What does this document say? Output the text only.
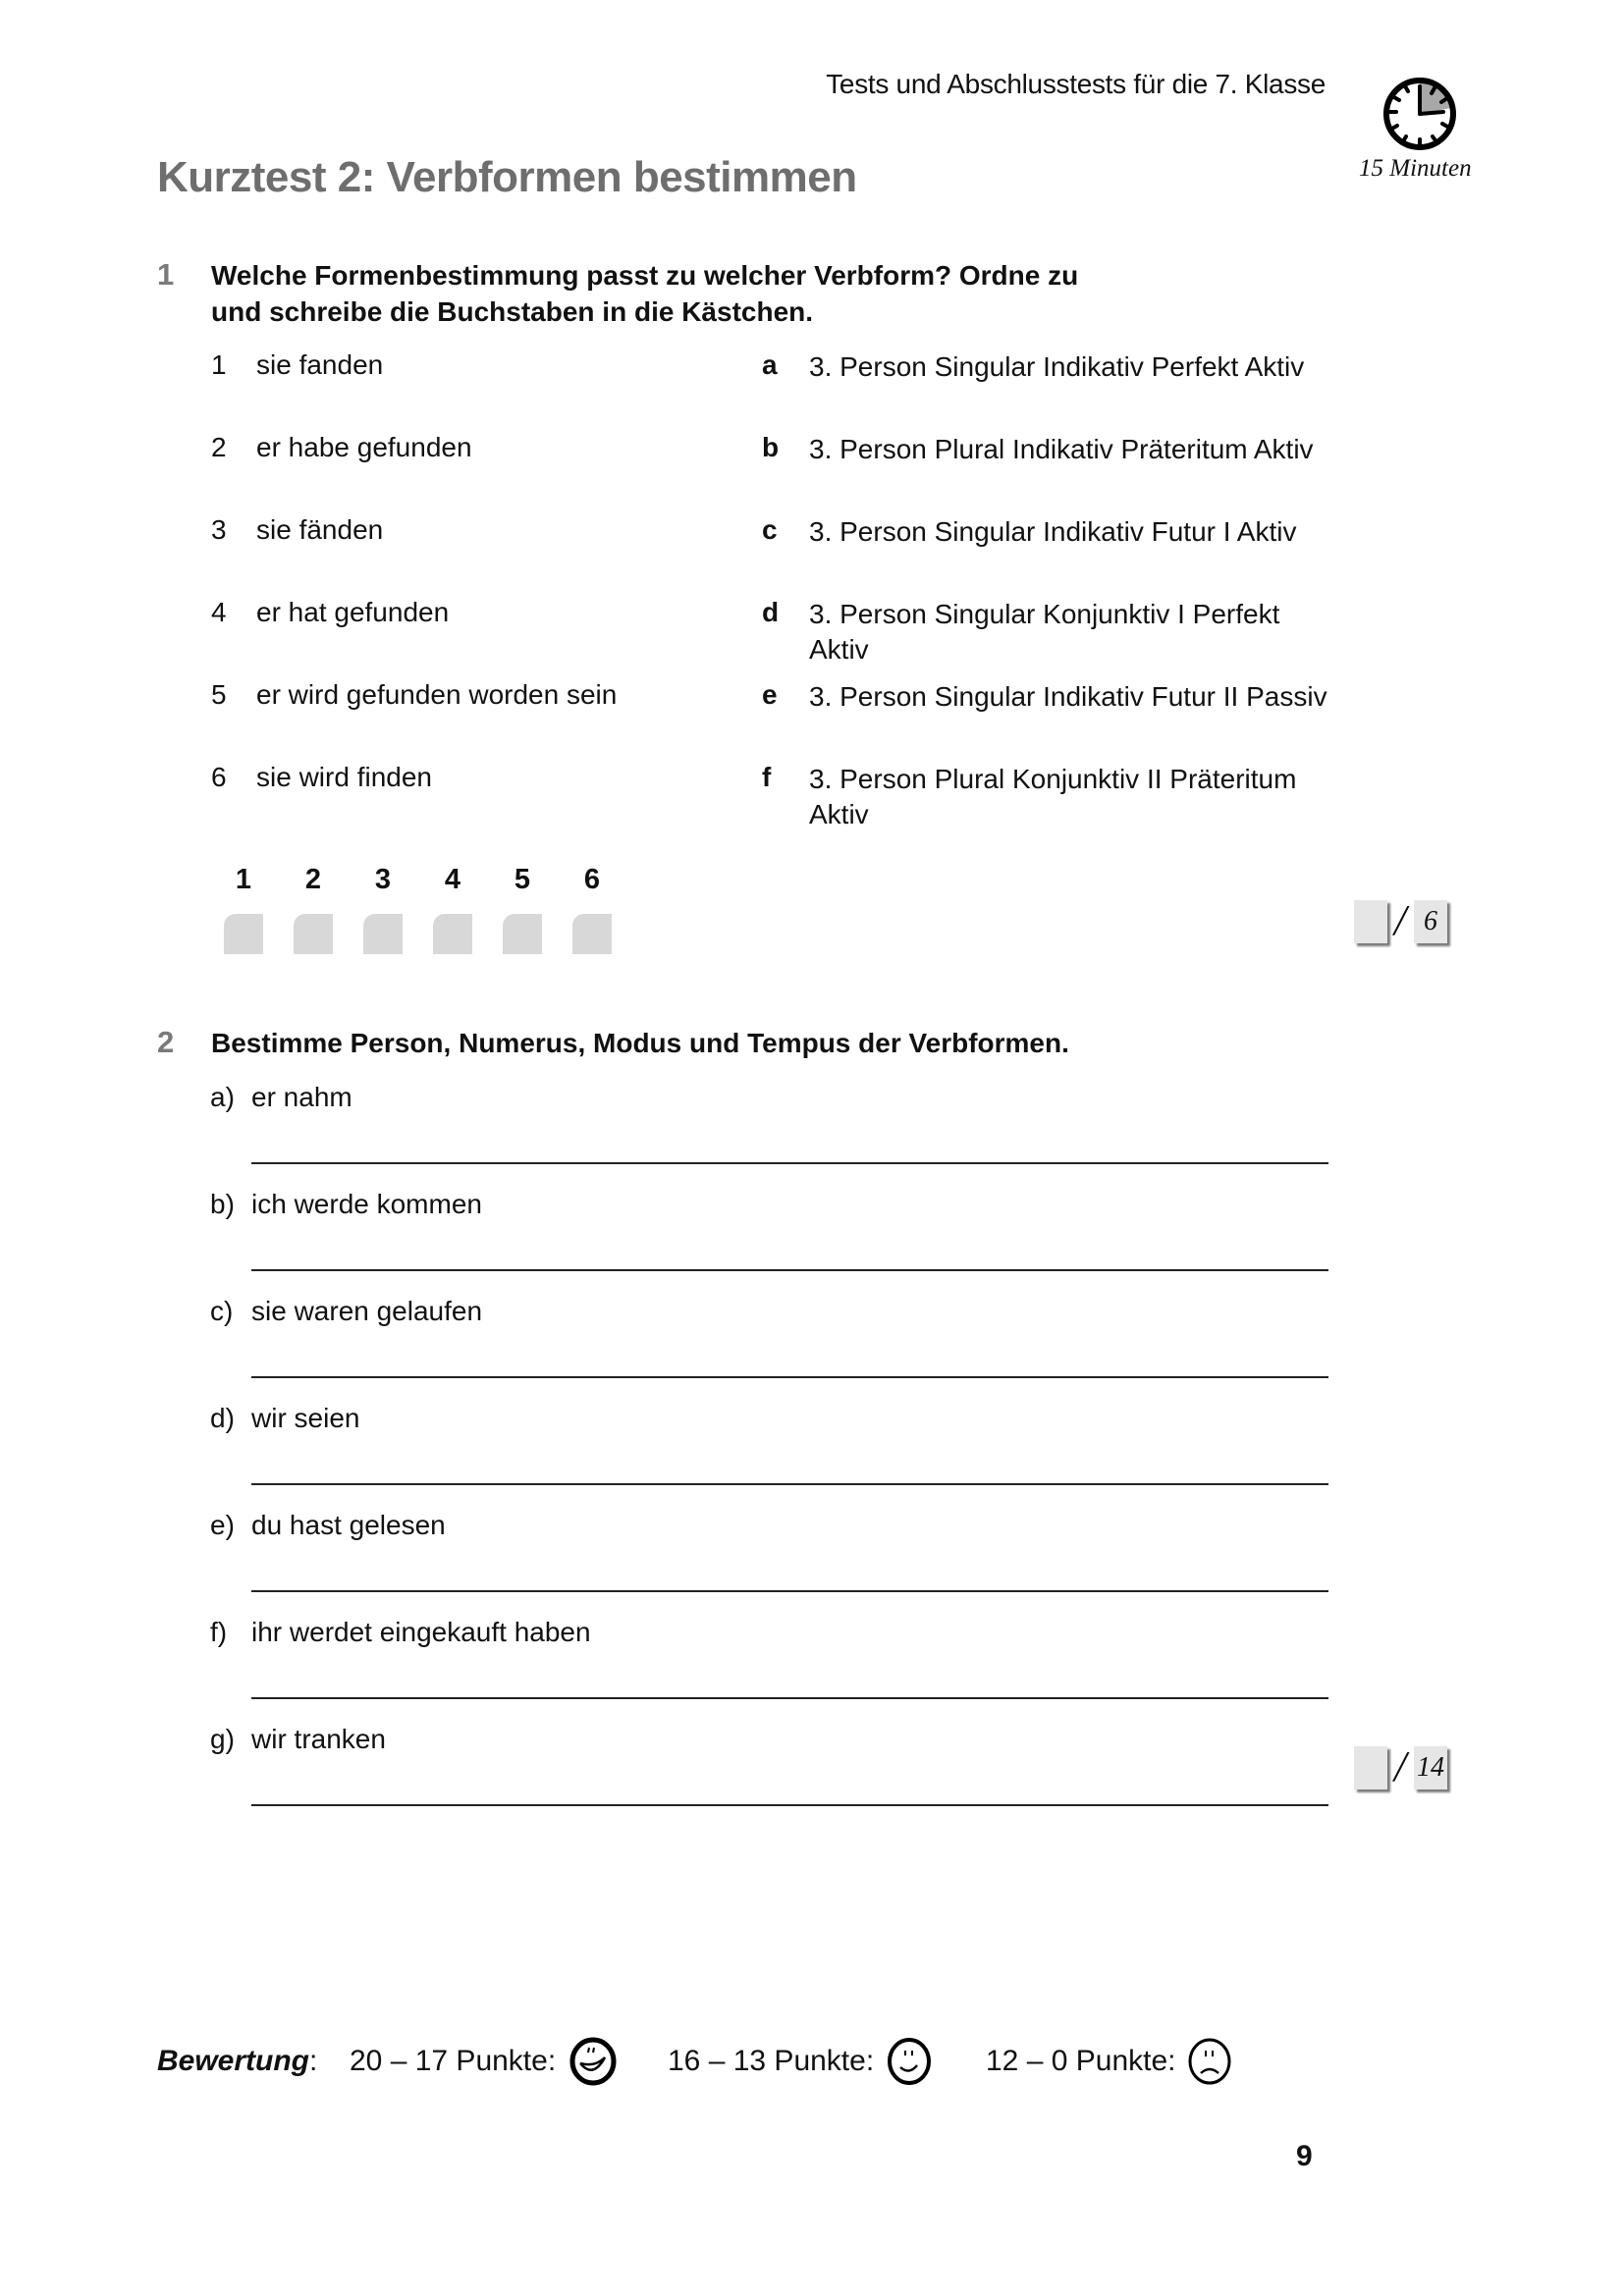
Tests und Abschlusstests für die 7. Klasse
15 Minuten
Kurztest 2: Verbformen bestimmen
1 Welche Formenbestimmung passt zu welcher Verbform? Ordne zu
und schreibe die Buchstaben in die Kästchen.
1 sie fanden
2 er habe gefunden
3 sie fänden
4 er hat gefunden
5 er wird gefunden worden sein
6 sie wird finden
a 3. Person Singular Indikativ Perfekt Aktiv
b 3. Person Plural Indikativ Präteritum Aktiv
c 3. Person Singular Indikativ Futur I Aktiv
d 3. Person Singular Konjunktiv I Perfekt Aktiv
e 3. Person Singular Indikativ Futur II Passiv
f 3. Person Plural Konjunktiv II Präteritum Aktiv
1	2	3	4	5	6
/ 6
2 Bestimme Person, Numerus, Modus und Tempus der Verbformen.
a) er nahm
b) ich werde kommen
c) sie waren gelaufen
d) wir seien
e) du hast gelesen
f) ihr werdet eingekauft haben
g) wir tranken
/ 14
Bewertung: 20 – 17 Punkte:	16 – 13 Punkte:	12 – 0 Punkte:
9
